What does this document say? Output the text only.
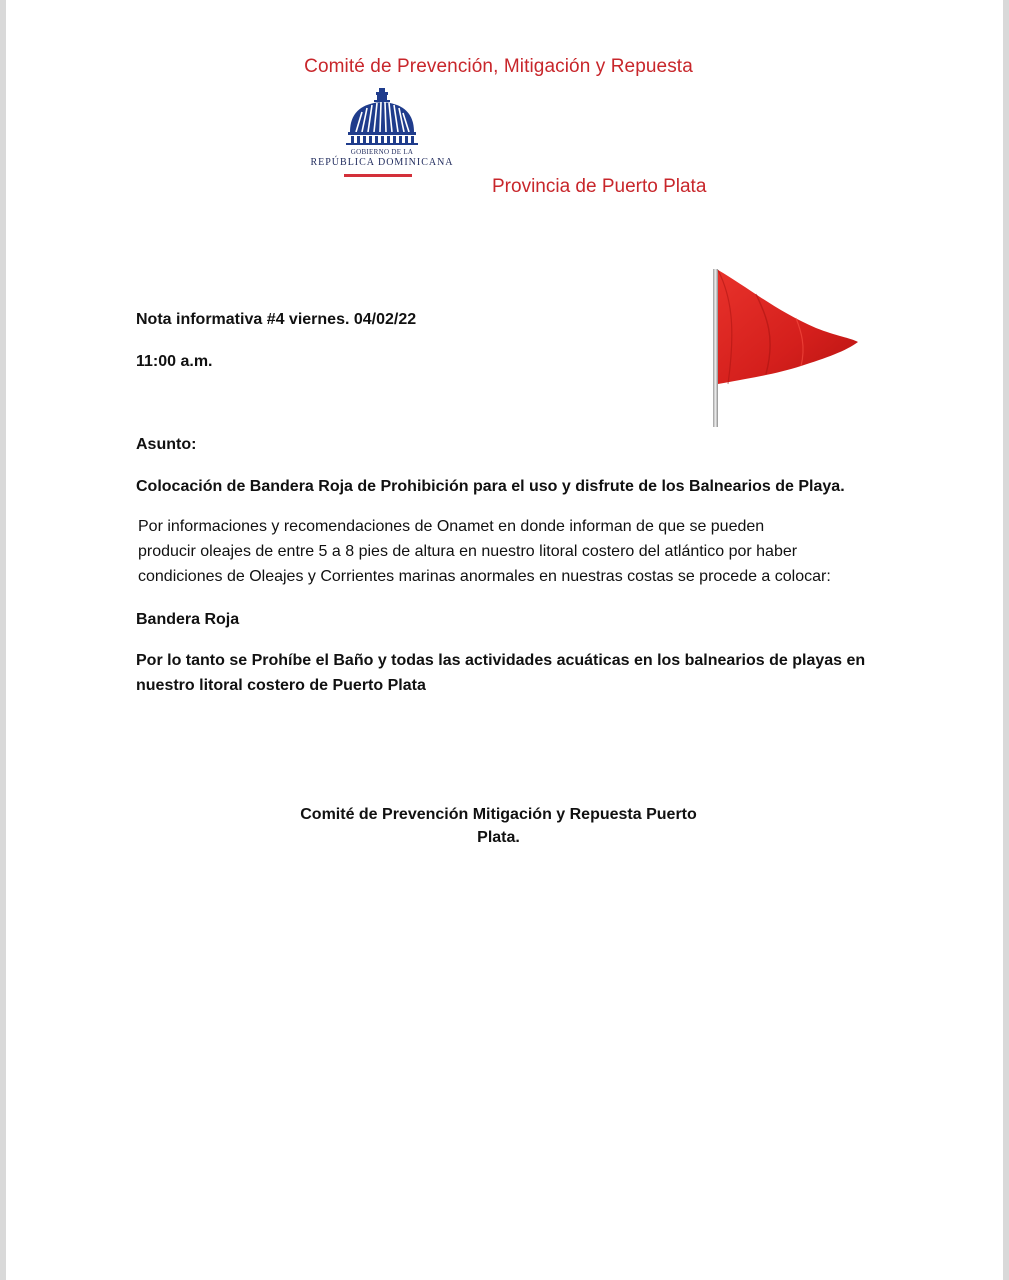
Comité de Prevención, Mitigación y Repuesta
GOBIERNO DE LA
REPÚBLICA DOMINICANA
Provincia de Puerto Plata
Nota informativa #4 viernes. 04/02/22
11:00 a.m.
Asunto:
Colocación de Bandera Roja de Prohibición para el uso y disfrute de los Balnearios de Playa.
Por informaciones y recomendaciones de Onamet en donde informan de que se pueden
producir oleajes de entre 5 a 8 pies de altura en nuestro litoral costero del atlántico por haber
condiciones de Oleajes y Corrientes marinas anormales en nuestras costas se procede a colocar:
Bandera Roja
Por lo tanto se Prohíbe el Baño y todas las actividades acuáticas en los balnearios de playas en
nuestro litoral costero de Puerto Plata
Comité de Prevención Mitigación y Repuesta Puerto
Plata.
